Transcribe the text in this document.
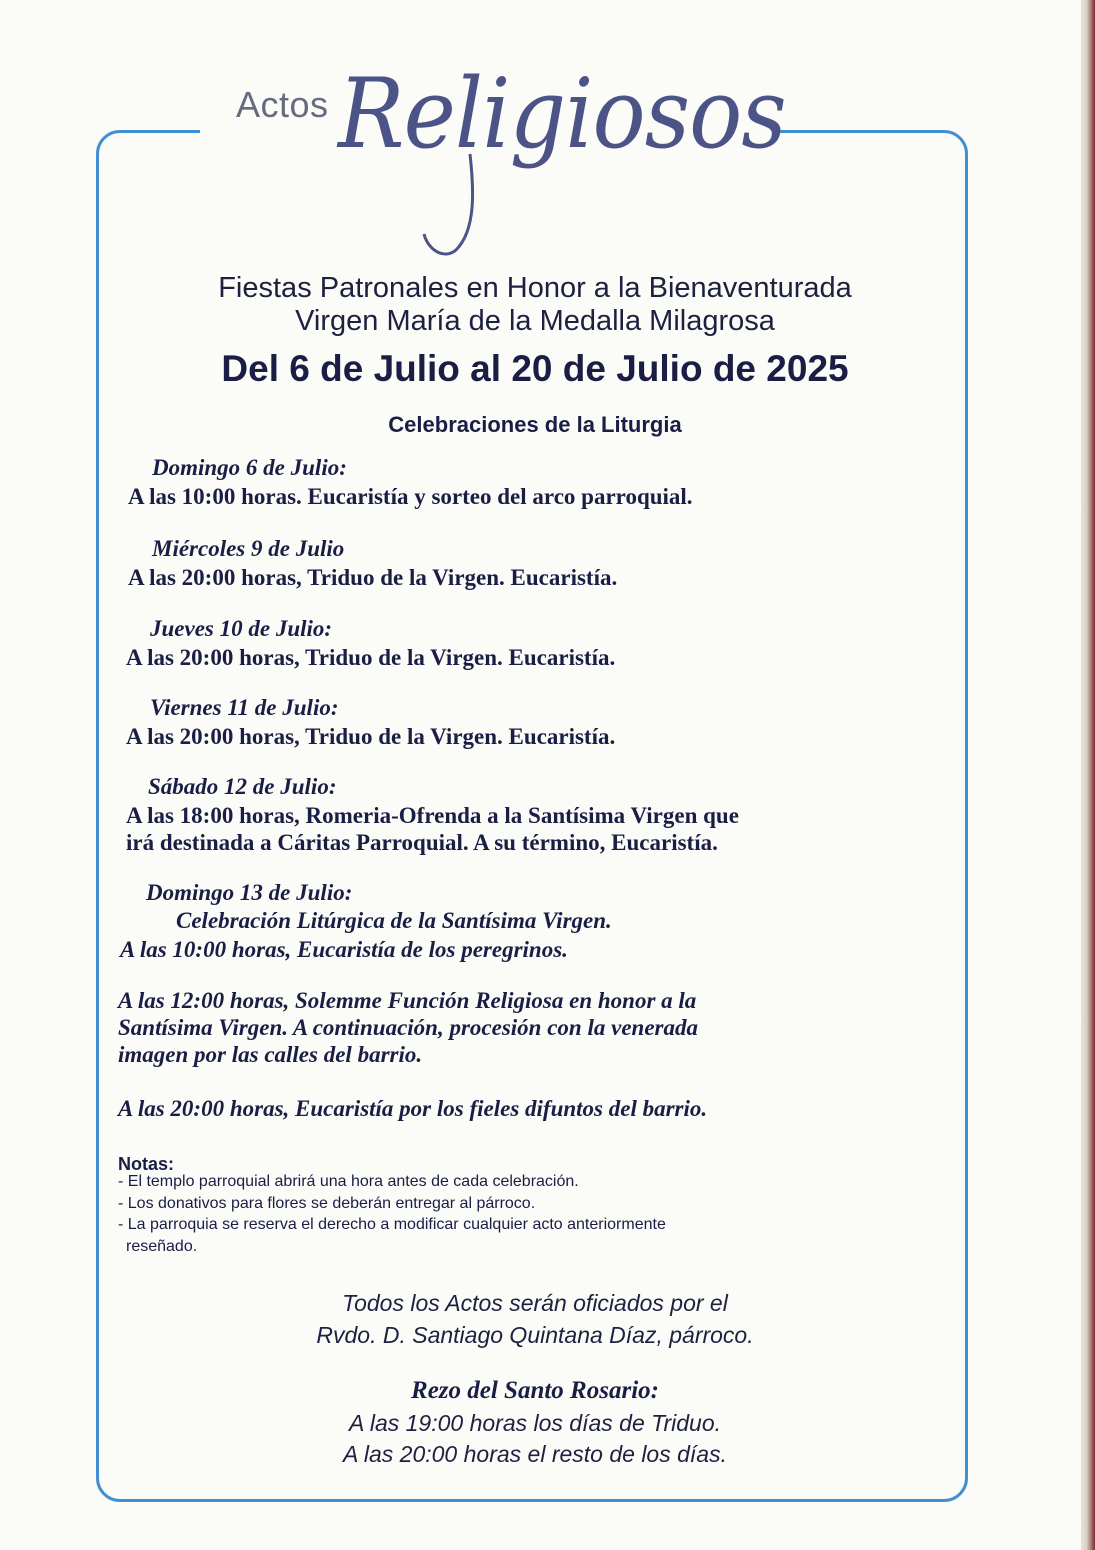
Actos Religiosos
Fiestas Patronales en Honor a la Bienaventurada
Virgen María de la Medalla Milagrosa
Del 6 de Julio al 20 de Julio de 2025
Celebraciones de la Liturgia
Domingo 6 de Julio:
A las 10:00 horas. Eucaristía y sorteo del arco parroquial.
Miércoles 9 de Julio
A las 20:00 horas, Triduo de la Virgen. Eucaristía.
Jueves 10 de Julio:
A las 20:00 horas, Triduo de la Virgen. Eucaristía.
Viernes 11 de Julio:
A las 20:00 horas, Triduo de la Virgen. Eucaristía.
Sábado 12 de Julio:
A las 18:00 horas, Romeria-Ofrenda a la Santísima Virgen que
irá destinada a Cáritas Parroquial. A su término, Eucaristía.
Domingo 13 de Julio:
Celebración Litúrgica de la Santísima Virgen.
A las 10:00 horas, Eucaristía de los peregrinos.
A las 12:00 horas, Solemme Función Religiosa en honor a la
Santísima Virgen. A continuación, procesión con la venerada
imagen por las calles del barrio.
A las 20:00 horas, Eucaristía por los fieles difuntos del barrio.
Notas:
- El templo parroquial abrirá una hora antes de cada celebración.
- Los donativos para flores se deberán entregar al párroco.
- La parroquia se reserva el derecho a modificar cualquier acto anteriormente
reseñado.
Todos los Actos serán oficiados por el
Rvdo. D. Santiago Quintana Díaz, párroco.
Rezo del Santo Rosario:
A las 19:00 horas los días de Triduo.
A las 20:00 horas el resto de los días.
